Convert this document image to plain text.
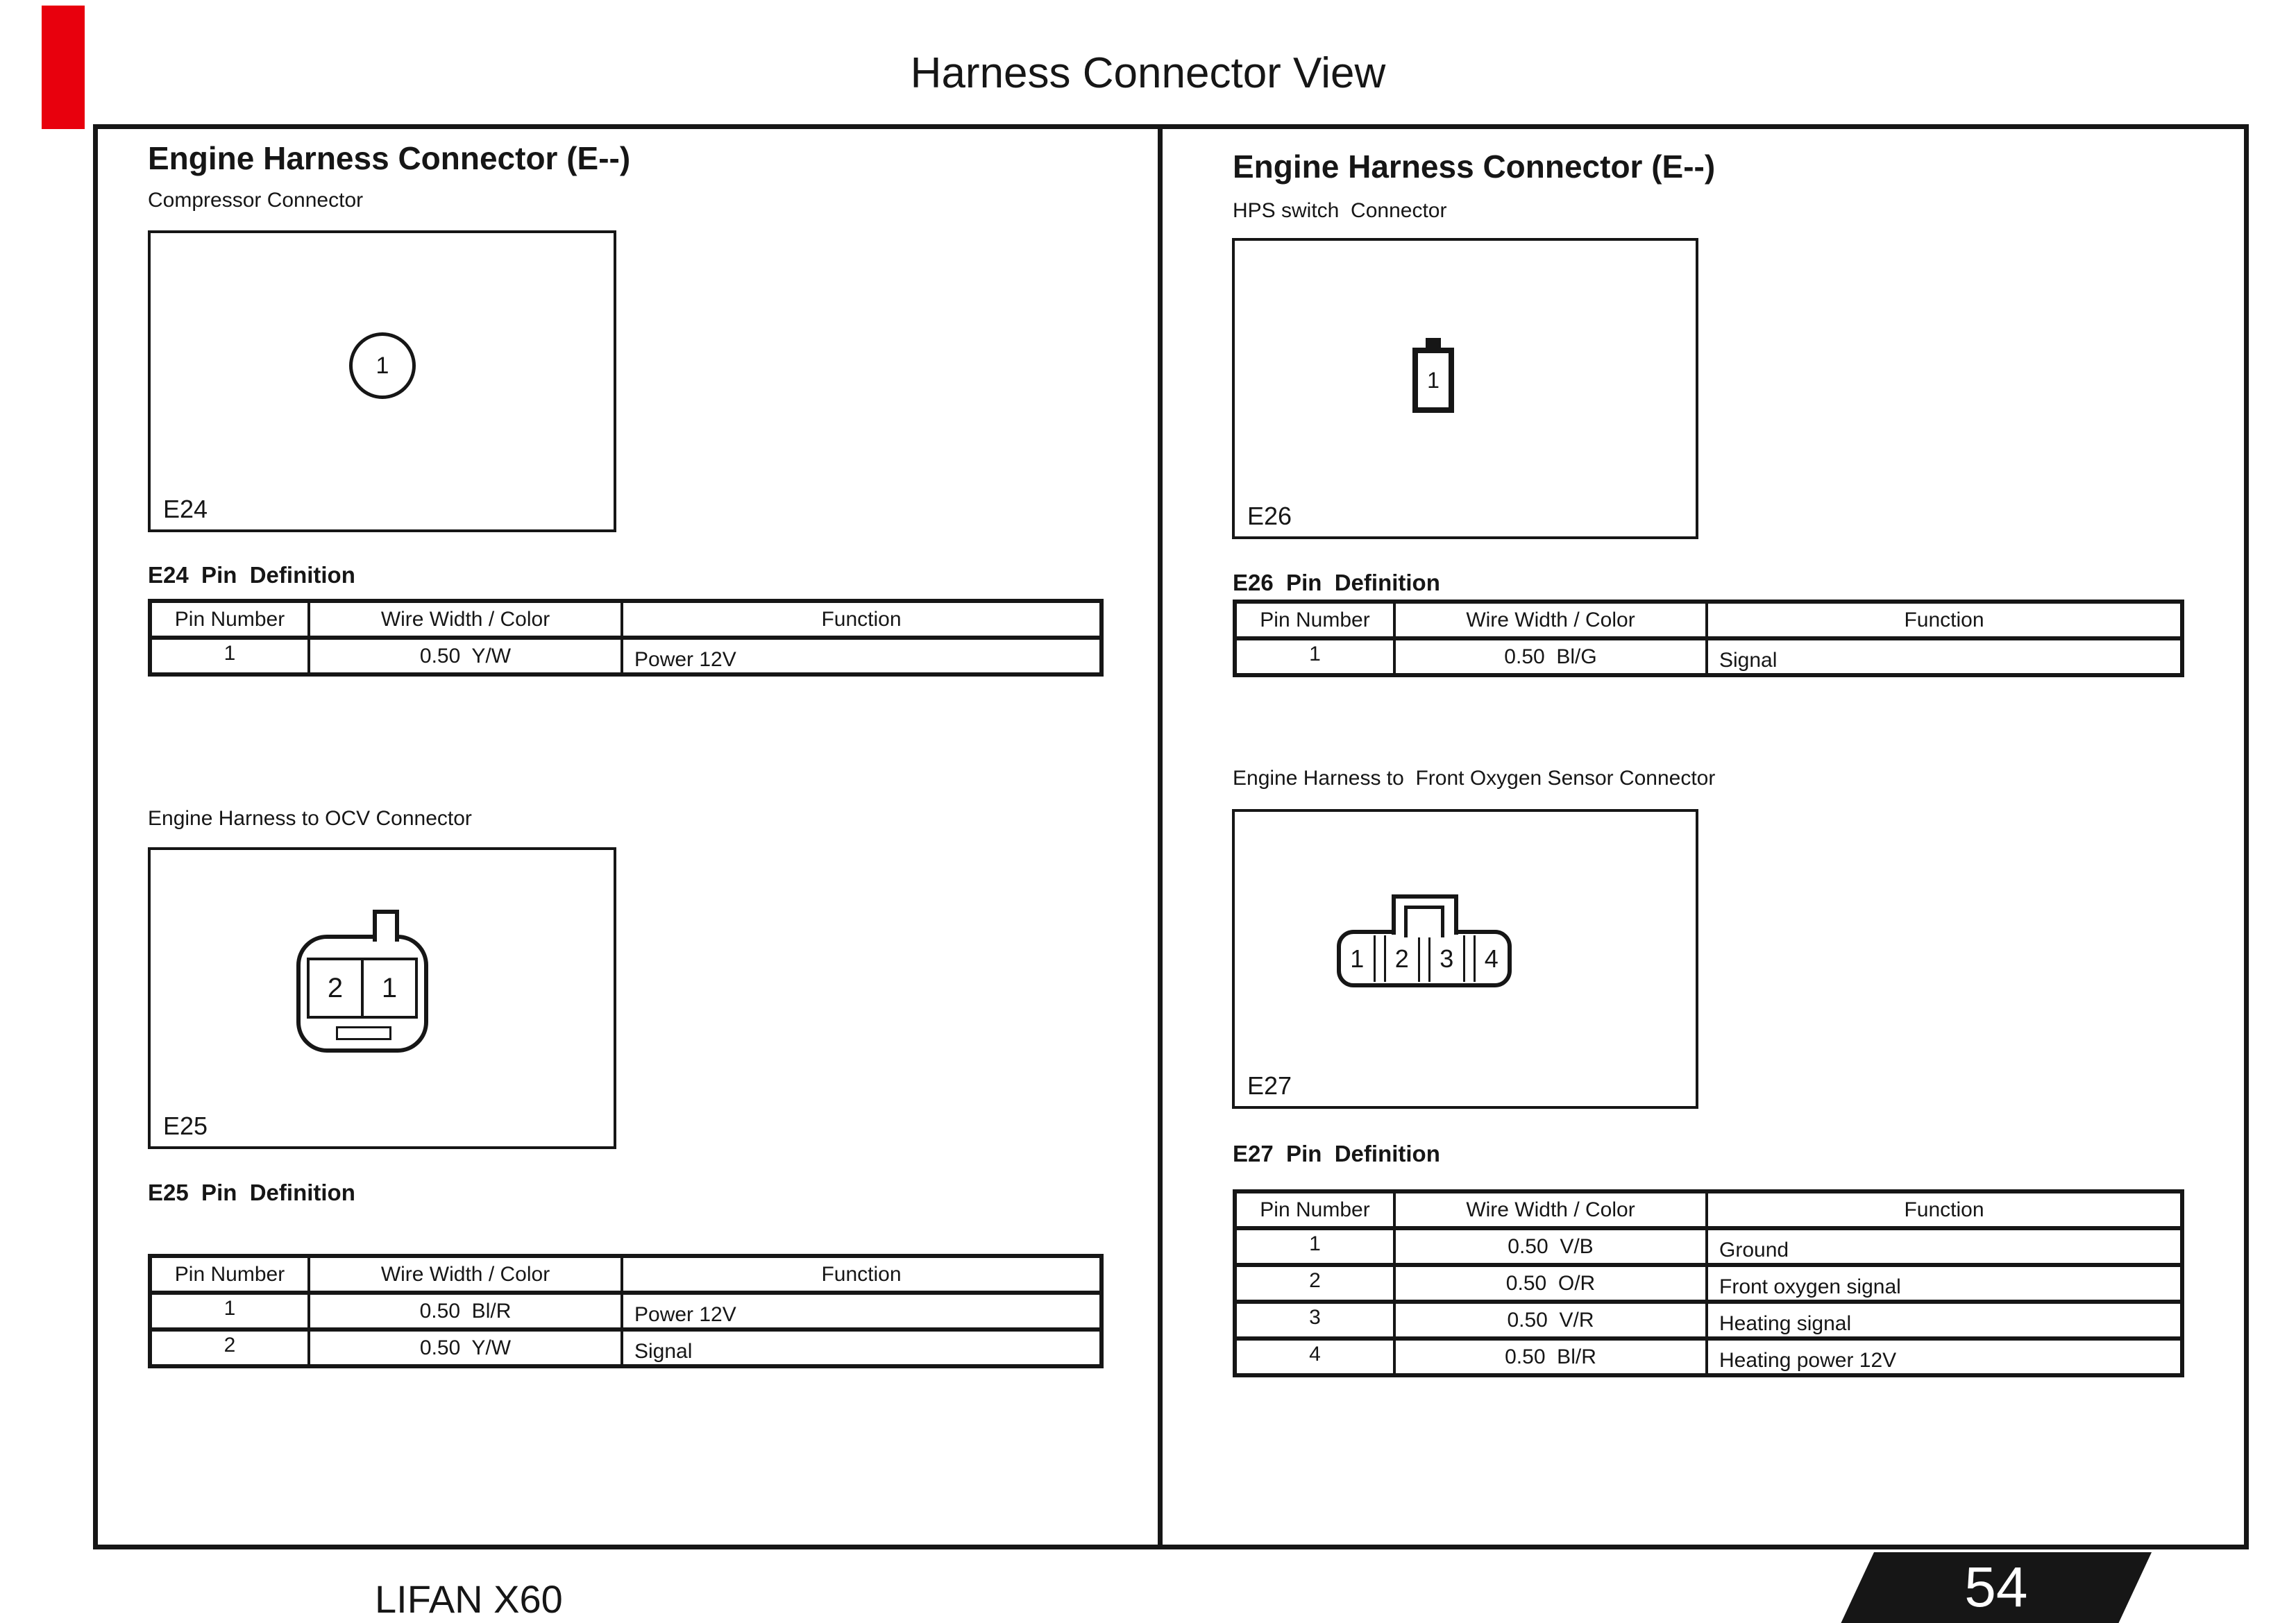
Harness Connector View
Engine Harness Connector (E--)
Compressor Connector
1
E24
E24  Pin  Definition
Pin Number	Wire Width / Color	Function
1	0.50  Y/W	Power 12V
Engine Harness to OCV Connector
2	1
E25
E25  Pin  Definition
Pin Number	Wire Width / Color	Function
1	0.50  Bl/R	Power 12V
2	0.50  Y/W	Signal
Engine Harness Connector (E--)
HPS switch  Connector
1
E26
E26  Pin  Definition
Pin Number	Wire Width / Color	Function
1	0.50  Bl/G	Signal
Engine Harness to  Front Oxygen Sensor Connector
1	2	3	4
E27
E27  Pin  Definition
Pin Number	Wire Width / Color	Function
1	0.50  V/B	Ground
2	0.50  O/R	Front oxygen signal
3	0.50  V/R	Heating signal
4	0.50  Bl/R	Heating power 12V
LIFAN X60	54
